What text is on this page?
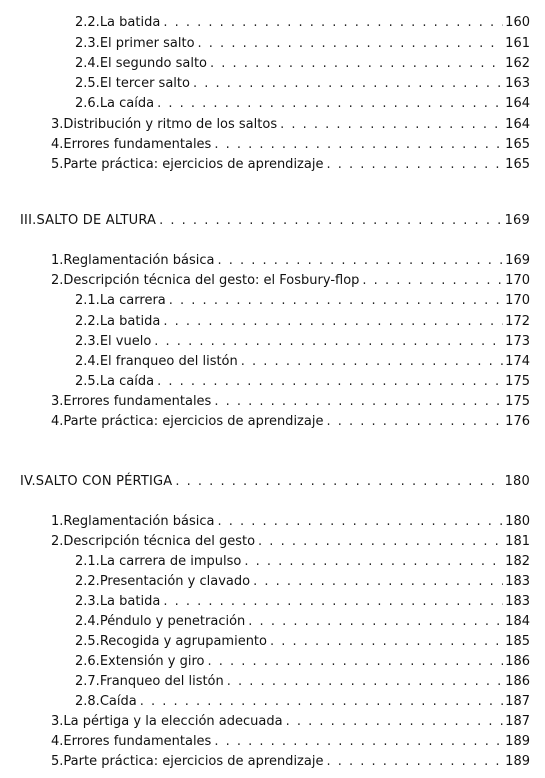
2.2. La batida . . .	160
2.3. El primer salto . . .	161
2.4. El segundo salto . . .	162
2.5. El tercer salto . . .	163
2.6. La caída . . .	164
3. Distribución y ritmo de los saltos . . .	164
4. Errores fundamentales . . .	165
5. Parte práctica: ejercicios de aprendizaje . . .	165
III. SALTO DE ALTURA . . .	169
1. Reglamentación básica . . .	169
2. Descripción técnica del gesto: el Fosbury-flop . . .	170
2.1. La carrera . . .	170
2.2. La batida . . .	172
2.3. El vuelo . . .	173
2.4. El franqueo del listón . . .	174
2.5. La caída . . .	175
3. Errores fundamentales . . .	175
4. Parte práctica: ejercicios de aprendizaje . . .	176
IV. SALTO CON PÉRTIGA . . .	180
1. Reglamentación básica . . .	180
2. Descripción técnica del gesto . . .	181
2.1. La carrera de impulso . . .	182
2.2. Presentación y clavado . . .	183
2.3. La batida . . .	183
2.4. Péndulo y penetración . . .	184
2.5. Recogida y agrupamiento . . .	185
2.6. Extensión y giro . . .	186
2.7. Franqueo del listón . . .	186
2.8. Caída . . .	187
3. La pértiga y la elección adecuada . . .	187
4. Errores fundamentales . . .	189
5. Parte práctica: ejercicios de aprendizaje . . .	189
